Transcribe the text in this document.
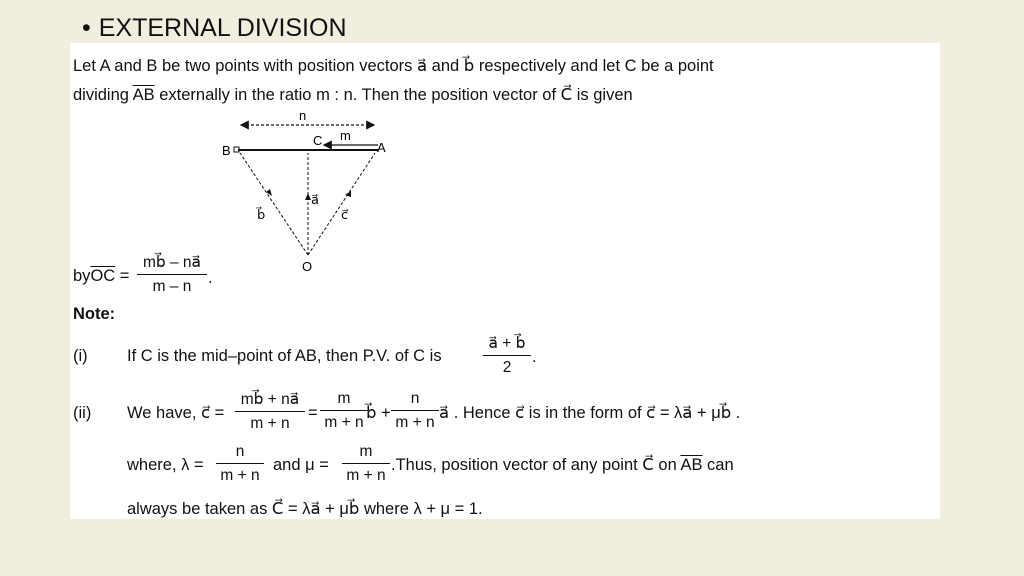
• EXTERNAL DIVISION
Let A and B be two points with position vectors a⃗ and b⃗ respectively and let C be a point
dividing $\overline{AB}$ externally in the ratio m : n. Then the position vector of C⃗ is given
n
m
B
C	A
b⃗
a⃗
c⃗
O
$by\overline{OC} = \frac{mb⃗ - na⃗}{m - n}$ .
Note:
(i) If C is the mid–point of AB, then P.V. of C is	$\frac{a⃗ + b⃗}{2}$ .
(ii) We have, c⃗ = $\frac{mb⃗ + na⃗}{m + n} = \frac{m}{m + n}$
b⃗ + $\frac{n}{m + n}$ a⃗ . Hence c⃗ is in the form of c⃗ = λa⃗ + μb⃗ .
where, $\lambda = \frac{n}{m + n}$ and $\mu = \frac{m}{m + n}$ .Thus, position vector of any point C⃗ on $\overline{AB}$ can
always be taken as C⃗ = λa⃗ + μb⃗ where λ + μ = 1.
